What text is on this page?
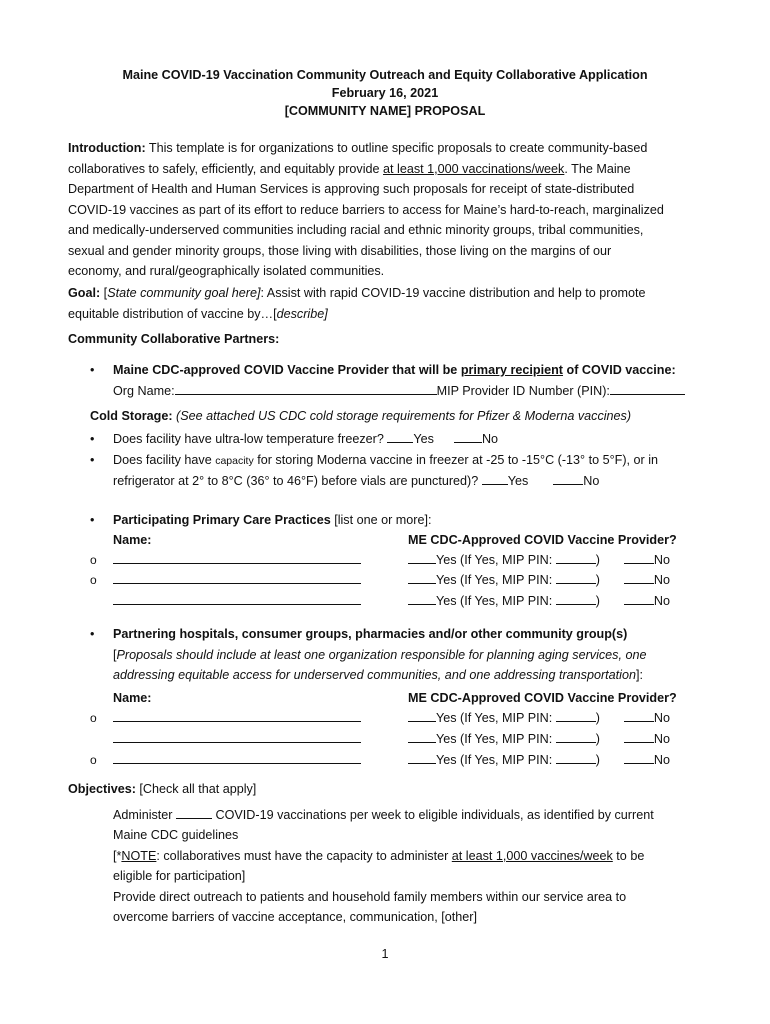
Maine COVID-19 Vaccination Community Outreach and Equity Collaborative Application
February 16, 2021
[COMMUNITY NAME] PROPOSAL
Introduction: This template is for organizations to outline specific proposals to create community-based
collaboratives to safely, efficiently, and equitably provide at least 1,000 vaccinations/week. The Maine
Department of Health and Human Services is approving such proposals for receipt of state-distributed
COVID-19 vaccines as part of its effort to reduce barriers to access for Maine’s hard-to-reach, marginalized
and medically-underserved communities including racial and ethnic minority groups, tribal communities,
sexual and gender minority groups, those living with disabilities, those living on the margins of our
economy, and rural/geographically isolated communities.
Goal: [State community goal here]: Assist with rapid COVID-19 vaccine distribution and help to promote
equitable distribution of vaccine by…[describe]
Community Collaborative Partners:
•	Maine CDC-approved COVID Vaccine Provider that will be primary recipient of COVID vaccine:
Org Name:	MIP Provider ID Number (PIN):
Cold Storage: (See attached US CDC cold storage requirements for Pfizer & Moderna vaccines)
•	Does facility have ultra-low temperature freezer? Yes	No
•	Does facility have capacity for storing Moderna vaccine in freezer at -25 to -15°C (-13° to 5°F), or in
refrigerator at 2° to 8°C (36° to 46°F) before vials are punctured)? Yes	No
•	Participating Primary Care Practices [list one or more]:
Name:	ME CDC-Approved COVID Vaccine Provider?
o	Yes (If Yes, MIP PIN:	)	No
o	Yes (If Yes, MIP PIN:	)	No
Yes (If Yes, MIP PIN:	)	No
•	Partnering hospitals, consumer groups, pharmacies and/or other community group(s)
[Proposals should include at least one organization responsible for planning aging services, one
addressing equitable access for underserved communities, and one addressing transportation]:
Name:	ME CDC-Approved COVID Vaccine Provider?
o	Yes (If Yes, MIP PIN:	)	No
Yes (If Yes, MIP PIN:	)	No
o	Yes (If Yes, MIP PIN:	)	No
Objectives: [Check all that apply]
Administer	COVID-19 vaccinations per week to eligible individuals, as identified by current
Maine CDC guidelines
[*NOTE: collaboratives must have the capacity to administer at least 1,000 vaccines/week to be
eligible for participation]
Provide direct outreach to patients and household family members within our service area to
overcome barriers of vaccine acceptance, communication, [other]
1
